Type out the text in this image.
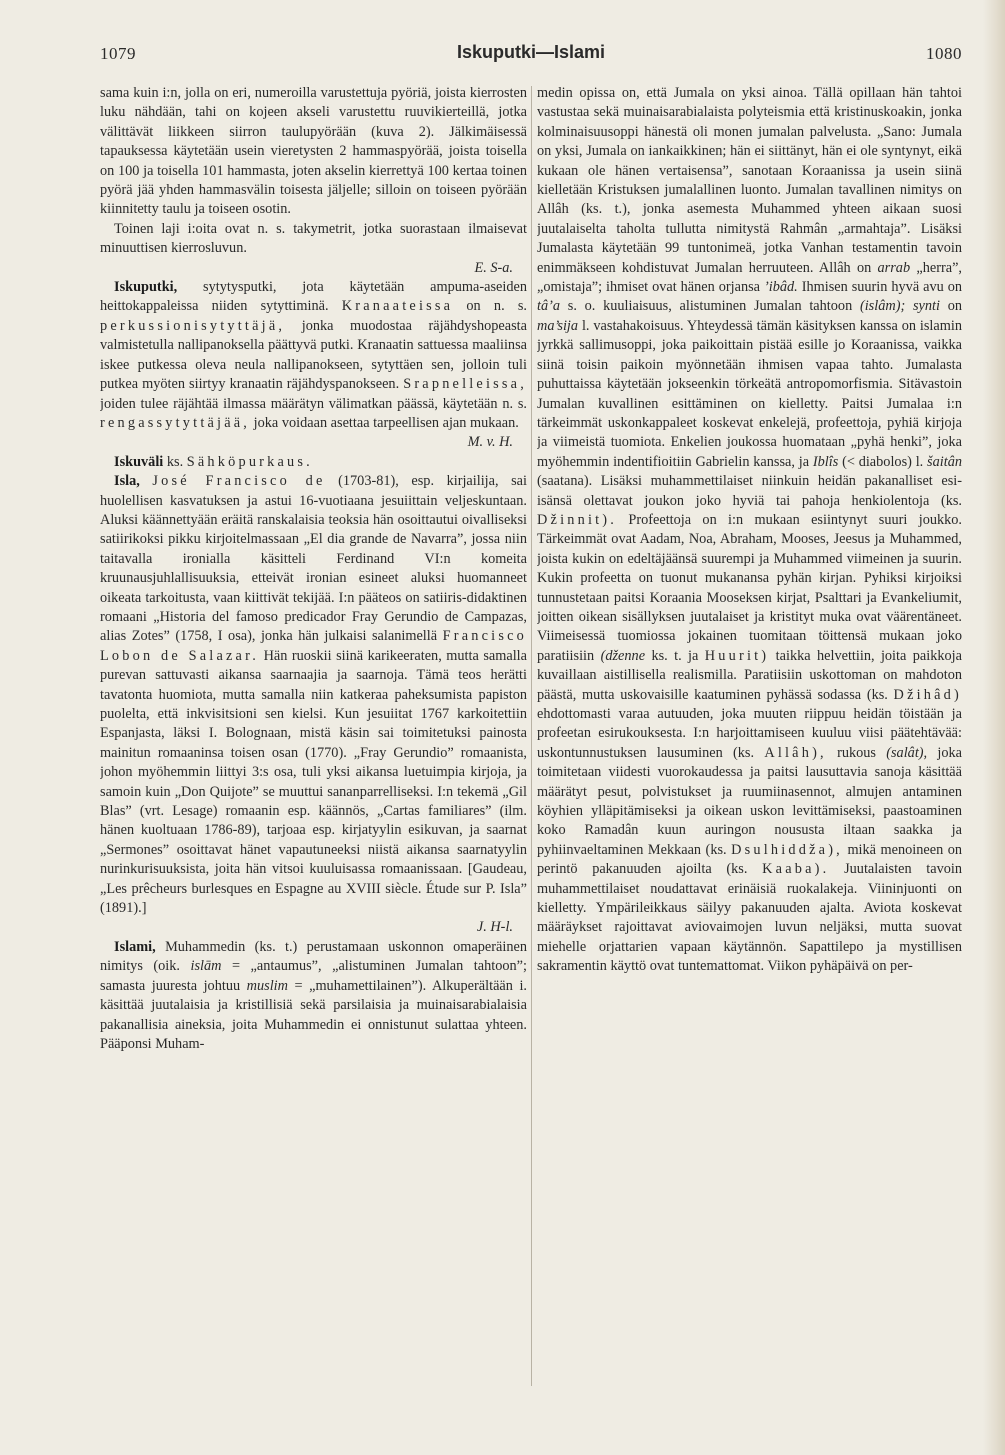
1079	Iskuputki—Islami	1080

sama kuin i:n, jolla on eri, numeroilla varustettuja pyöriä, joista kierrosten luku nähdään, tahi on kojeen akseli varustettu ruuvikierteillä, jotka välittävät liikkeen siirron taulupyörään (kuva 2). Jälkimäisessä tapauksessa käytetään usein vieretysten 2 hammaspyörää, joista toisella on 100 ja toisella 101 hammasta, joten akselin kierrettyä 100 kertaa toinen pyörä jää yhden hammasvälin toisesta jäljelle; silloin on toiseen pyörään kiinnitetty taulu ja toiseen osotin.

Toinen laji i:oita ovat n. s. takymetrit, jotka suorastaan ilmaisevat minuuttisen kierrosluvun.

E. S-a.

Iskuputki, sytytysputki, jota käytetään ampuma-aseiden heittokappaleissa niiden sytyttiminä. Kranaateissa on n. s. perkussionisytyttäjä, jonka muodostaa räjähdyshopeasta valmistetulla nallipanoksella päättyvä putki. Kranaatin sattuessa maaliinsa iskee putkessa oleva neula nallipanokseen, sytyttäen sen, jolloin tuli putkea myöten siirtyy kranaatin räjähdyspanokseen. Srapnelleissa, joiden tulee räjähtää ilmassa määrätyn välimatkan päässä, käytetään n. s. rengassytyttäjää, joka voidaan asettaa tarpeellisen ajan mukaan.

M. v. H.

Iskuväli ks. Sähköpurkaus.

Isla, José Francisco de (1703-81), esp. kirjailija, sai huolellisen kasvatuksen ja astui 16-vuotiaana jesuiittain veljeskuntaan. Aluksi käännettyään eräitä ranskalaisia teoksia hän osoittautui oivalliseksi satiirikoksi pikku kirjoitelmassaan „El dia grande de Navarra”, jossa niin taitavalla ironialla käsitteli Ferdinand VI:n komeita kruunausjuhlallisuuksia, etteivät ironian esineet aluksi huomanneet oikeata tarkoitusta, vaan kiittivät tekijää. I:n pääteos on satiiris-didaktinen romaani „Historia del famoso predicador Fray Gerundio de Campazas, alias Zotes” (1758, I osa), jonka hän julkaisi salanimellä Francisco Lobon de Salazar. Hän ruoskii siinä karikeeraten, mutta samalla purevan sattuvasti aikansa saarnaajia ja saarnoja. Tämä teos herätti tavatonta huomiota, mutta samalla niin katkeraa paheksumista papiston puolelta, että inkvisitsioni sen kielsi. Kun jesuiitat 1767 karkoitettiin Espanjasta, läksi I. Bolognaan, mistä käsin sai toimitetuksi painosta mainitun romaaninsa toisen osan (1770). „Fray Gerundio” romaanista, johon myöhemmin liittyi 3:s osa, tuli yksi aikansa luetuimpia kirjoja, ja samoin kuin „Don Quijote” se muuttui sananparrelliseksi. I:n tekemä „Gil Blas” (vrt. Lesage) romaanin esp. käännös, „Cartas familiares” (ilm. hänen kuoltuaan 1786-89), tarjoaa esp. kirjatyylin esikuvan, ja saarnat „Sermones” osoittavat hänet vapautuneeksi niistä aikansa saarnatyylin nurinkurisuuksista, joita hän vitsoi kuuluisassa romaanissaan. [Gaudeau, „Les prêcheurs burlesques en Espagne au XVIII siècle. Étude sur P. Isla” (1891).]

J. H-l.

Islami, Muhammedin (ks. t.) perustamaan uskonnon omaperäinen nimitys (oik. islām = „antaumus”, „alistuminen Jumalan tahtoon”; samasta juuresta johtuu muslim = „muhamettilainen”). Alkuperältään i. käsittää juutalaisia ja kristillisiä sekä parsilaisia ja muinaisarabialaisia pakanallisia aineksia, joita Muhammedin ei onnistunut sulattaa yhteen. Pääponsi Muham-

medin opissa on, että Jumala on yksi ainoa. Tällä opillaan hän tahtoi vastustaa sekä muinaisarabialaista polyteismia että kristinuskoakin, jonka kolminaisuusoppi hänestä oli monen jumalan palvelusta. „Sano: Jumala on yksi, Jumala on iankaikkinen; hän ei siittänyt, hän ei ole syntynyt, eikä kukaan ole hänen vertaisensa”, sanotaan Koraanissa ja usein siinä kielletään Kristuksen jumalallinen luonto. Jumalan tavallinen nimitys on Allâh (ks. t.), jonka asemesta Muhammed yhteen aikaan suosi juutalaiselta taholta tullutta nimitystä Rahmân „armahtaja”. Lisäksi Jumalasta käytetään 99 tuntonimeä, jotka Vanhan testamentin tavoin enimmäkseen kohdistuvat Jumalan herruuteen. Allâh on arrab „herra”, „omistaja”; ihmiset ovat hänen orjansa ’ibâd. Ihmisen suurin hyvä avu on tâ’a s. o. kuuliaisuus, alistuminen Jumalan tahtoon (islâm); synti on ma’sija l. vastahakoisuus. Yhteydessä tämän käsityksen kanssa on islamin jyrkkä sallimusoppi, joka paikoittain pistää esille jo Koraanissa, vaikka siinä toisin paikoin myönnetään ihmisen vapaa tahto. Jumalasta puhuttaissa käytetään jokseenkin törkeätä antropomorfismia. Sitävastoin Jumalan kuvallinen esittäminen on kielletty. Paitsi Jumalaa i:n tärkeimmät uskonkappaleet koskevat enkelejä, profeettoja, pyhiä kirjoja ja viimeistä tuomiota. Enkelien joukossa huomataan „pyhä henki”, joka myöhemmin indentifioitiin Gabrielin kanssa, ja Iblîs (< diabolos) l. šaitân (saatana). Lisäksi muhammettilaiset niinkuin heidän pakanalliset esi-isänsä olettavat joukon joko hyviä tai pahoja henkiolentoja (ks. Džinnit). Profeettoja on i:n mukaan esiintynyt suuri joukko. Tärkeimmät ovat Aadam, Noa, Abraham, Mooses, Jeesus ja Muhammed, joista kukin on edeltäjäänsä suurempi ja Muhammed viimeinen ja suurin. Kukin profeetta on tuonut mukanansa pyhän kirjan. Pyhiksi kirjoiksi tunnustetaan paitsi Koraania Mooseksen kirjat, Psalttari ja Evankeliumit, joitten oikean sisällyksen juutalaiset ja kristityt muka ovat väärentäneet. Viimeisessä tuomiossa jokainen tuomitaan töittensä mukaan joko paratiisiin (dženne ks. t. ja Huurit) taikka helvettiin, joita paikkoja kuvaillaan aistillisella realismilla. Paratiisiin uskottoman on mahdoton päästä, mutta uskovaisille kaatuminen pyhässä sodassa (ks. Džihâd) ehdottomasti varaa autuuden, joka muuten riippuu heidän töistään ja profeetan esirukouksesta. I:n harjoittamiseen kuuluu viisi päätehtävää: uskontunnustuksen lausuminen (ks. Allâh), rukous (salât), joka toimitetaan viidesti vuorokaudessa ja paitsi lausuttavia sanoja käsittää määrätyt pesut, polvistukset ja ruumiinasennot, almujen antaminen köyhien ylläpitämiseksi ja oikean uskon levittämiseksi, paastoaminen koko Ramadân kuun auringon noususta iltaan saakka ja pyhiinvaeltaminen Mekkaan (ks. Dsulhiddža), mikä menoineen on perintö pakanuuden ajoilta (ks. Kaaba). Juutalaisten tavoin muhammettilaiset noudattavat erinäisiä ruokalakeja. Viininjuonti on kielletty. Ympärileikkaus säilyy pakanuuden ajalta. Aviota koskevat määräykset rajoittavat aviovaimojen luvun neljäksi, mutta suovat miehelle orjattarien vapaan käytännön. Sapattilepo ja mystillisen sakramentin käyttö ovat tuntemattomat. Viikon pyhäpäivä on per-
